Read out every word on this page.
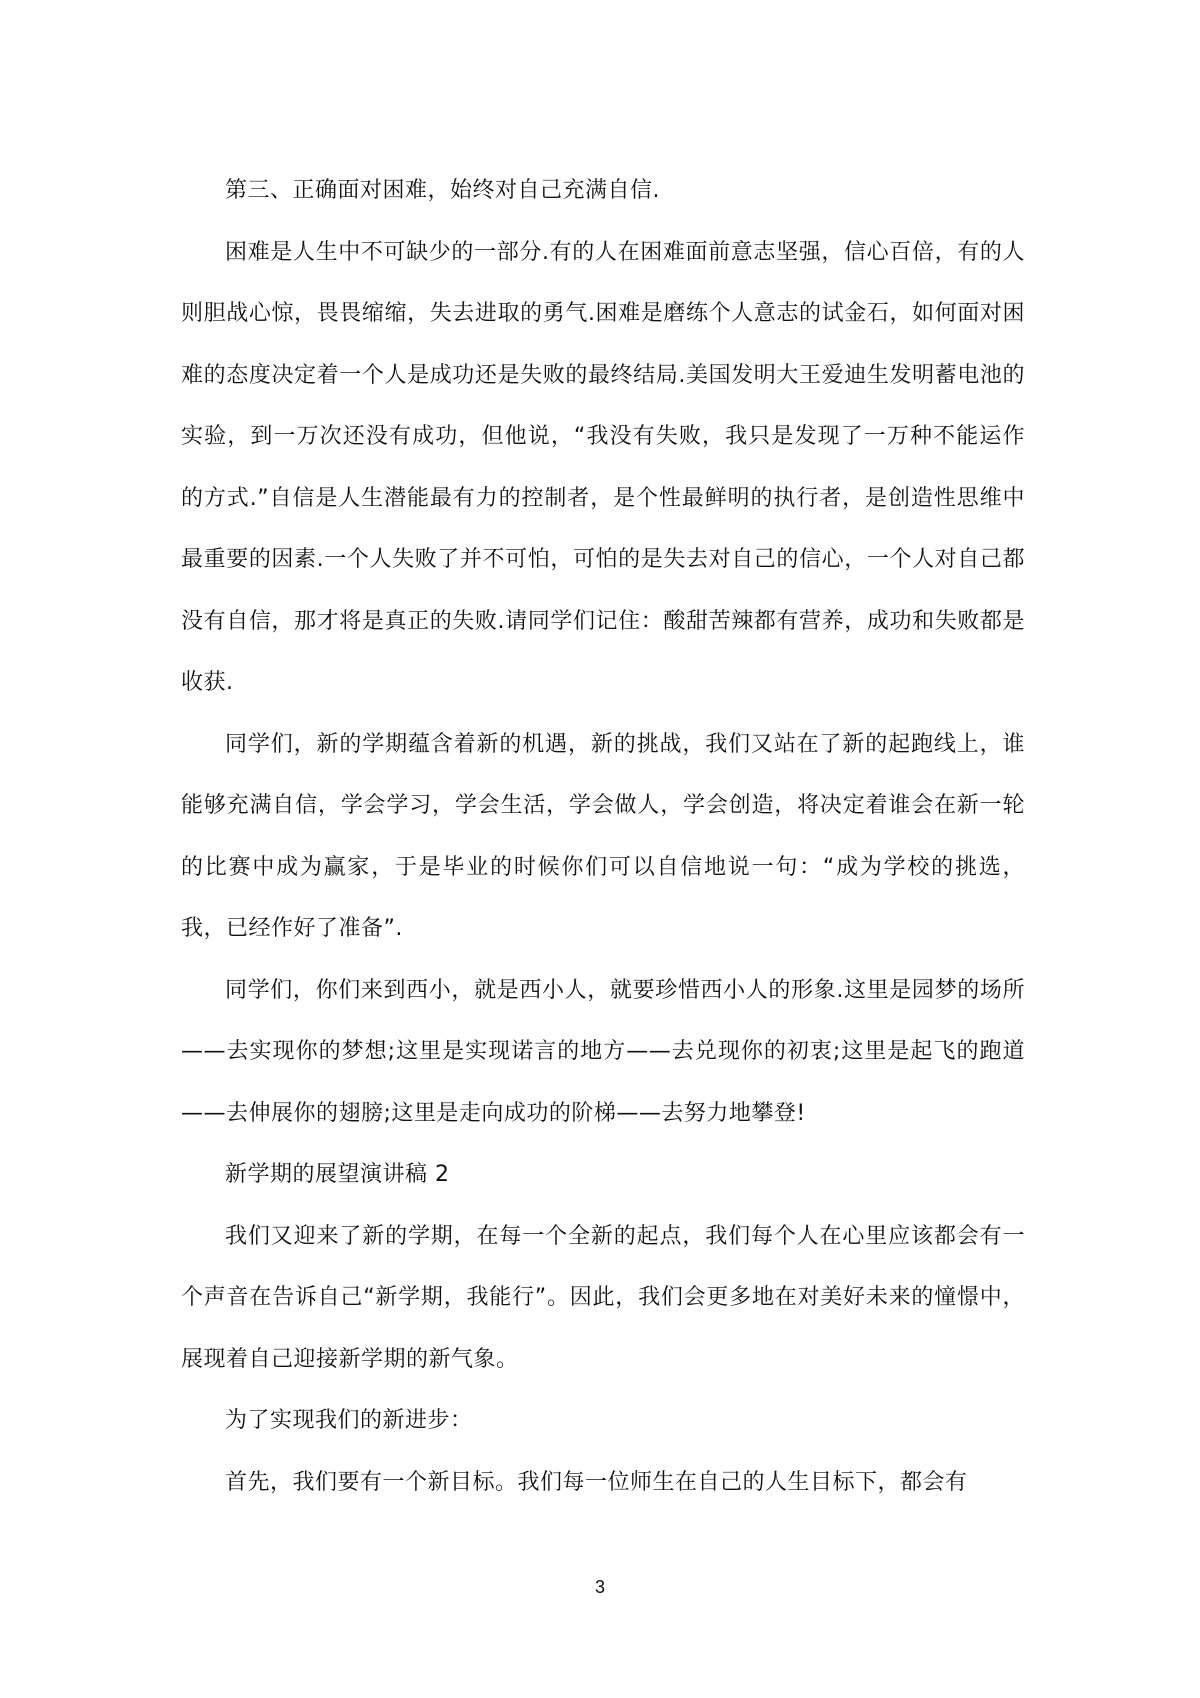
第三、正确面对困难，始终对自己充满自信.

困难是人生中不可缺少的一部分.有的人在困难面前意志坚强，信心百倍，有的人则胆战心惊，畏畏缩缩，失去进取的勇气.困难是磨练个人意志的试金石，如何面对困难的态度决定着一个人是成功还是失败的最终结局.美国发明大王爱迪生发明蓄电池的实验，到一万次还没有成功，但他说，“我没有失败，我只是发现了一万种不能运作的方式.”自信是人生潜能最有力的控制者，是个性最鲜明的执行者，是创造性思维中最重要的因素.一个人失败了并不可怕，可怕的是失去对自己的信心，一个人对自己都没有自信，那才将是真正的失败.请同学们记住：酸甜苦辣都有营养，成功和失败都是收获.

同学们，新的学期蕴含着新的机遇，新的挑战，我们又站在了新的起跑线上，谁能够充满自信，学会学习，学会生活，学会做人，学会创造，将决定着谁会在新一轮的比赛中成为赢家，于是毕业的时候你们可以自信地说一句：“成为学校的挑选，我，已经作好了准备”.

同学们，你们来到西小，就是西小人，就要珍惜西小人的形象.这里是园梦的场所——去实现你的梦想;这里是实现诺言的地方——去兑现你的初衷;这里是起飞的跑道——去伸展你的翅膀;这里是走向成功的阶梯——去努力地攀登!

新学期的展望演讲稿 2

我们又迎来了新的学期，在每一个全新的起点，我们每个人在心里应该都会有一个声音在告诉自己“新学期，我能行”。因此，我们会更多地在对美好未来的憧憬中，展现着自己迎接新学期的新气象。

为了实现我们的新进步：

首先，我们要有一个新目标。我们每一位师生在自己的人生目标下，都会有

3
